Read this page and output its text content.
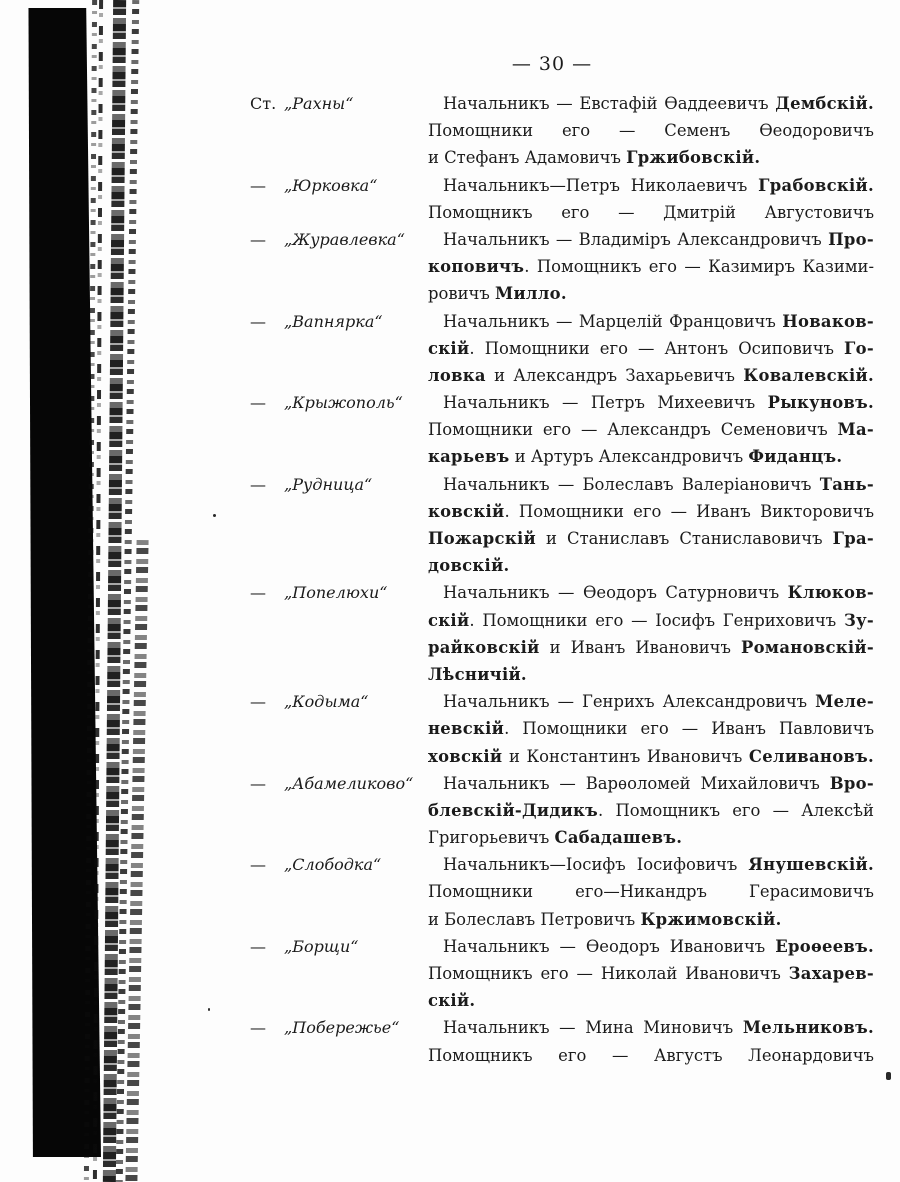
— 30 —
Ст. „Рахны“	Начальникъ — Евстафій Ѳаддеевичъ Дембскій.
Помощники его — Семенъ Ѳеодоровичъ
и Стефанъ Адамовичъ Гржибовскій.
— „Юрковка“	Начальникъ—Петръ Николаевичъ Грабовскій.
Помощникъ его — Дмитрій Августовичъ
— „Журавлевка“	Начальникъ — Владиміръ Александровичъ Про-
коповичъ. Помощникъ его — Казимиръ Казими-
ровичъ Милло.
— „Вапнярка“	Начальникъ — Марцелій Францовичъ Новаков-
скій. Помощники его — Антонъ Осиповичъ Го-
ловка и Александръ Захарьевичъ Ковалевскій.
— „Крыжополь“	Начальникъ — Петръ Михеевичъ Рыкуновъ.
Помощники его — Александръ Семеновичъ Ма-
карьевъ и Артуръ Александровичъ Фиданцъ.
— „Рудница“	Начальникъ — Болеславъ Валеріановичъ Тань-
ковскій. Помощники его — Иванъ Викторовичъ
Пожарскій и Станиславъ Станиславовичъ Гра-
довскій.
— „Попелюхи“	Начальникъ — Ѳеодоръ Сатурновичъ Клюков-
скій. Помощники его — Іосифъ Генриховичъ Зу-
райковскій и Иванъ Ивановичъ Романовскій-
Лѣсничій.
— „Кодыма“	Начальникъ — Генрихъ Александровичъ Меле-
невскій. Помощники его — Иванъ Павловичъ
ховскій и Константинъ Ивановичъ Селивановъ.
— „Абамеликово“	Начальникъ — Варѳоломей Михайловичъ Вро-
блевскій-Дидикъ. Помощникъ его — Алексѣй
Григорьевичъ Сабадашевъ.
— „Слободка“	Начальникъ—Іосифъ Іосифовичъ Янушевскій.
Помощники его—Никандръ Герасимовичъ
и Болеславъ Петровичъ Кржимовскій.
— „Борщи“	Начальникъ — Ѳеодоръ Ивановичъ Ероѳеевъ.
Помощникъ его — Николай Ивановичъ Захарев-
скій.
— „Побережье“	Начальникъ — Мина Миновичъ Мельниковъ.
Помощникъ его — Августъ Леонардовичъ
